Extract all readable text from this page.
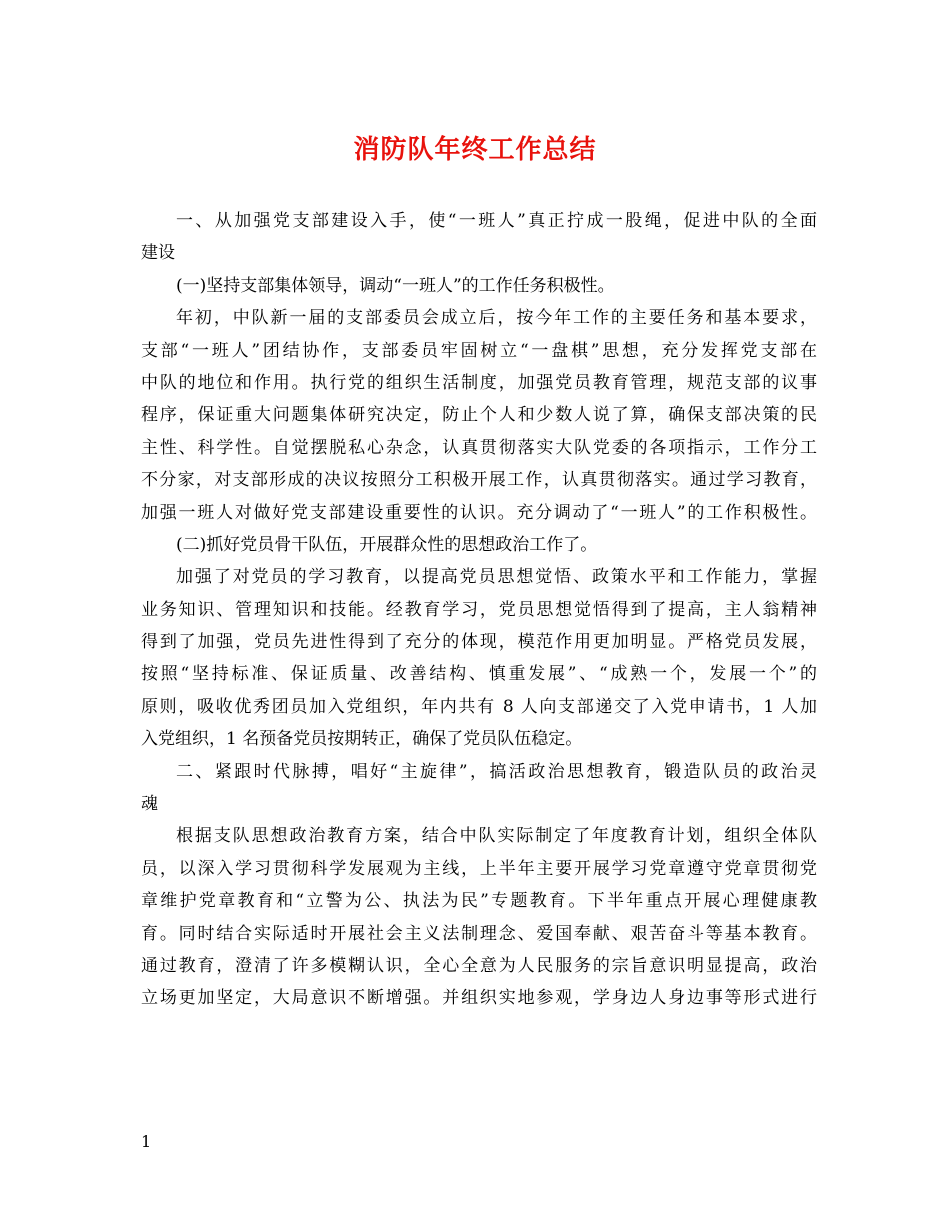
消防队年终工作总结
一、从加强党支部建设入手，使“一班人”真正拧成一股绳，促进中队的全面
建设
(一)坚持支部集体领导，调动“一班人”的工作任务积极性。
年初，中队新一届的支部委员会成立后，按今年工作的主要任务和基本要求，
支部“一班人”团结协作，支部委员牢固树立“一盘棋”思想，充分发挥党支部在
中队的地位和作用。执行党的组织生活制度，加强党员教育管理，规范支部的议事
程序，保证重大问题集体研究决定，防止个人和少数人说了算，确保支部决策的民
主性、科学性。自觉摆脱私心杂念，认真贯彻落实大队党委的各项指示，工作分工
不分家，对支部形成的决议按照分工积极开展工作，认真贯彻落实。通过学习教育，
加强一班人对做好党支部建设重要性的认识。充分调动了“一班人”的工作积极性。
(二)抓好党员骨干队伍，开展群众性的思想政治工作了。
加强了对党员的学习教育，以提高党员思想觉悟、政策水平和工作能力，掌握
业务知识、管理知识和技能。经教育学习，党员思想觉悟得到了提高，主人翁精神
得到了加强，党员先进性得到了充分的体现，模范作用更加明显。严格党员发展，
按照“坚持标准、保证质量、改善结构、慎重发展”、“成熟一个，发展一个”的
原则，吸收优秀团员加入党组织，年内共有 8 人向支部递交了入党申请书，1 人加
入党组织，1 名预备党员按期转正，确保了党员队伍稳定。
二、紧跟时代脉搏，唱好“主旋律”，搞活政治思想教育，锻造队员的政治灵
魂
根据支队思想政治教育方案，结合中队实际制定了年度教育计划，组织全体队
员，以深入学习贯彻科学发展观为主线，上半年主要开展学习党章遵守党章贯彻党
章维护党章教育和“立警为公、执法为民”专题教育。下半年重点开展心理健康教
育。同时结合实际适时开展社会主义法制理念、爱国奉献、艰苦奋斗等基本教育。
通过教育，澄清了许多模糊认识，全心全意为人民服务的宗旨意识明显提高，政治
立场更加坚定，大局意识不断增强。并组织实地参观，学身边人身边事等形式进行
1
